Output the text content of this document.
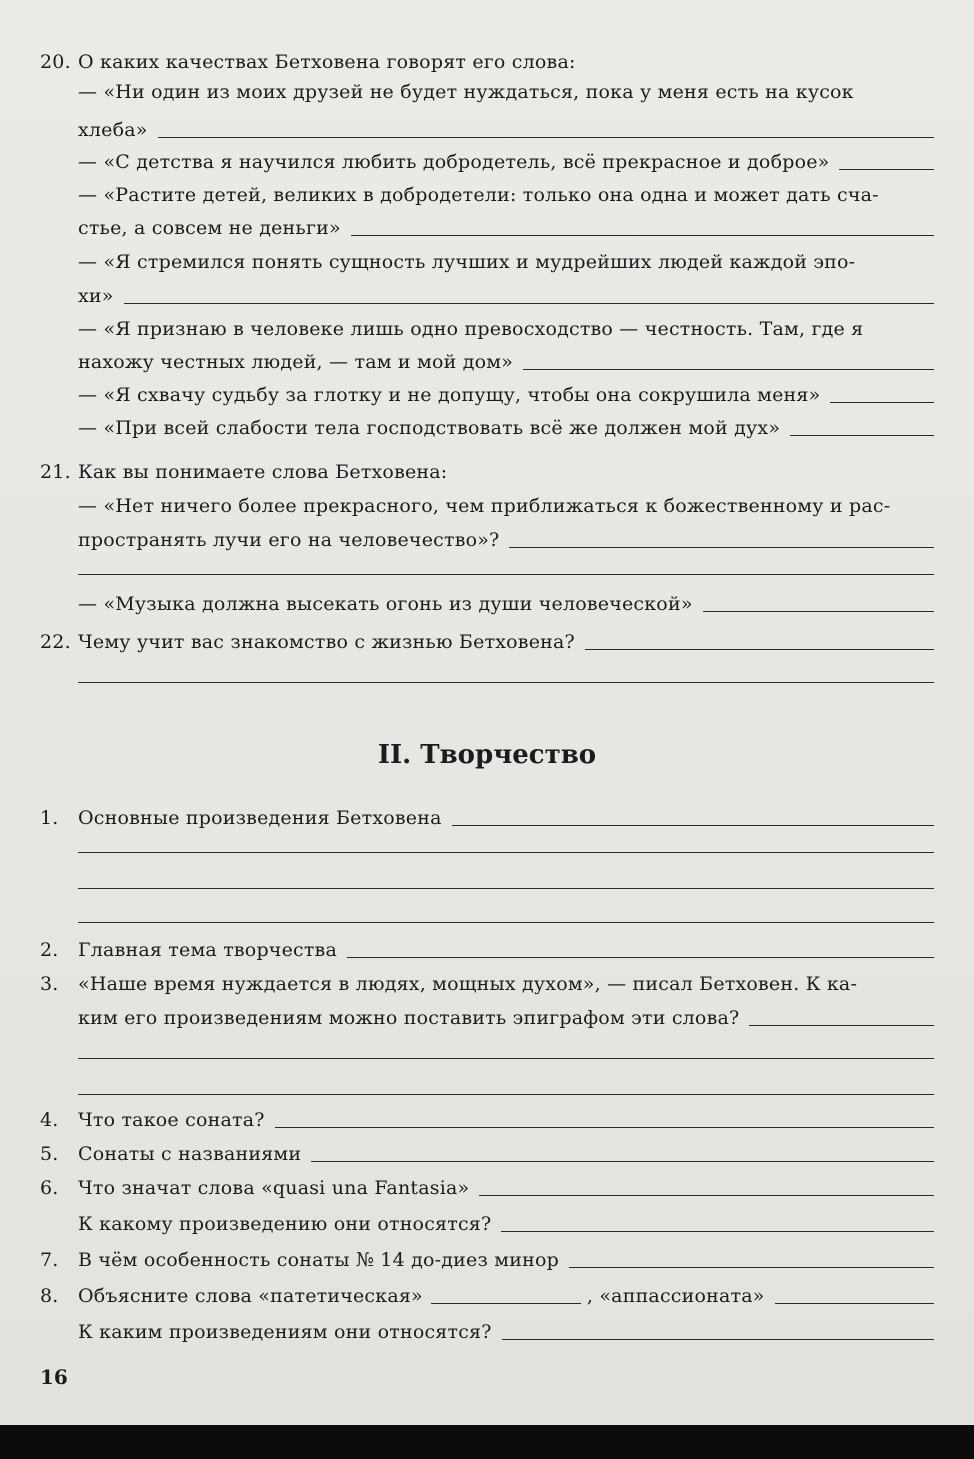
20. О каких качествах Бетховена говорят его слова:
— «Ни один из моих друзей не будет нуждаться, пока у меня есть на кусок
хлеба»
— «С детства я научился любить добродетель, всё прекрасное и доброе»
— «Растите детей, великих в добродетели: только она одна и может дать сча-
стье, а совсем не деньги»
— «Я стремился понять сущность лучших и мудрейших людей каждой эпо-
хи»
— «Я признаю в человеке лишь одно превосходство — честность. Там, где я
нахожу честных людей, — там и мой дом»
— «Я схвачу судьбу за глотку и не допущу, чтобы она сокрушила меня»
— «При всей слабости тела господствовать всё же должен мой дух»
21. Как вы понимаете слова Бетховена:
— «Нет ничего более прекрасного, чем приближаться к божественному и рас-
пространять лучи его на человечество»?
— «Музыка должна высекать огонь из души человеческой»
22. Чему учит вас знакомство с жизнью Бетховена?
II. Творчество
1.	Основные произведения Бетховена
2.	Главная тема творчества
3.	«Наше время нуждается в людях, мощных духом», — писал Бетховен. К ка-
ким его произведениям можно поставить эпиграфом эти слова?
4.	Что такое соната?
5.	Сонаты с названиями
6.	Что значат слова «quasi una Fantasia»
К какому произведению они относятся?
7.	В чём особенность сонаты № 14 до-диез минор
8.	Объясните слова «патетическая»	, «аппассионата»
К каким произведениям они относятся?
16
